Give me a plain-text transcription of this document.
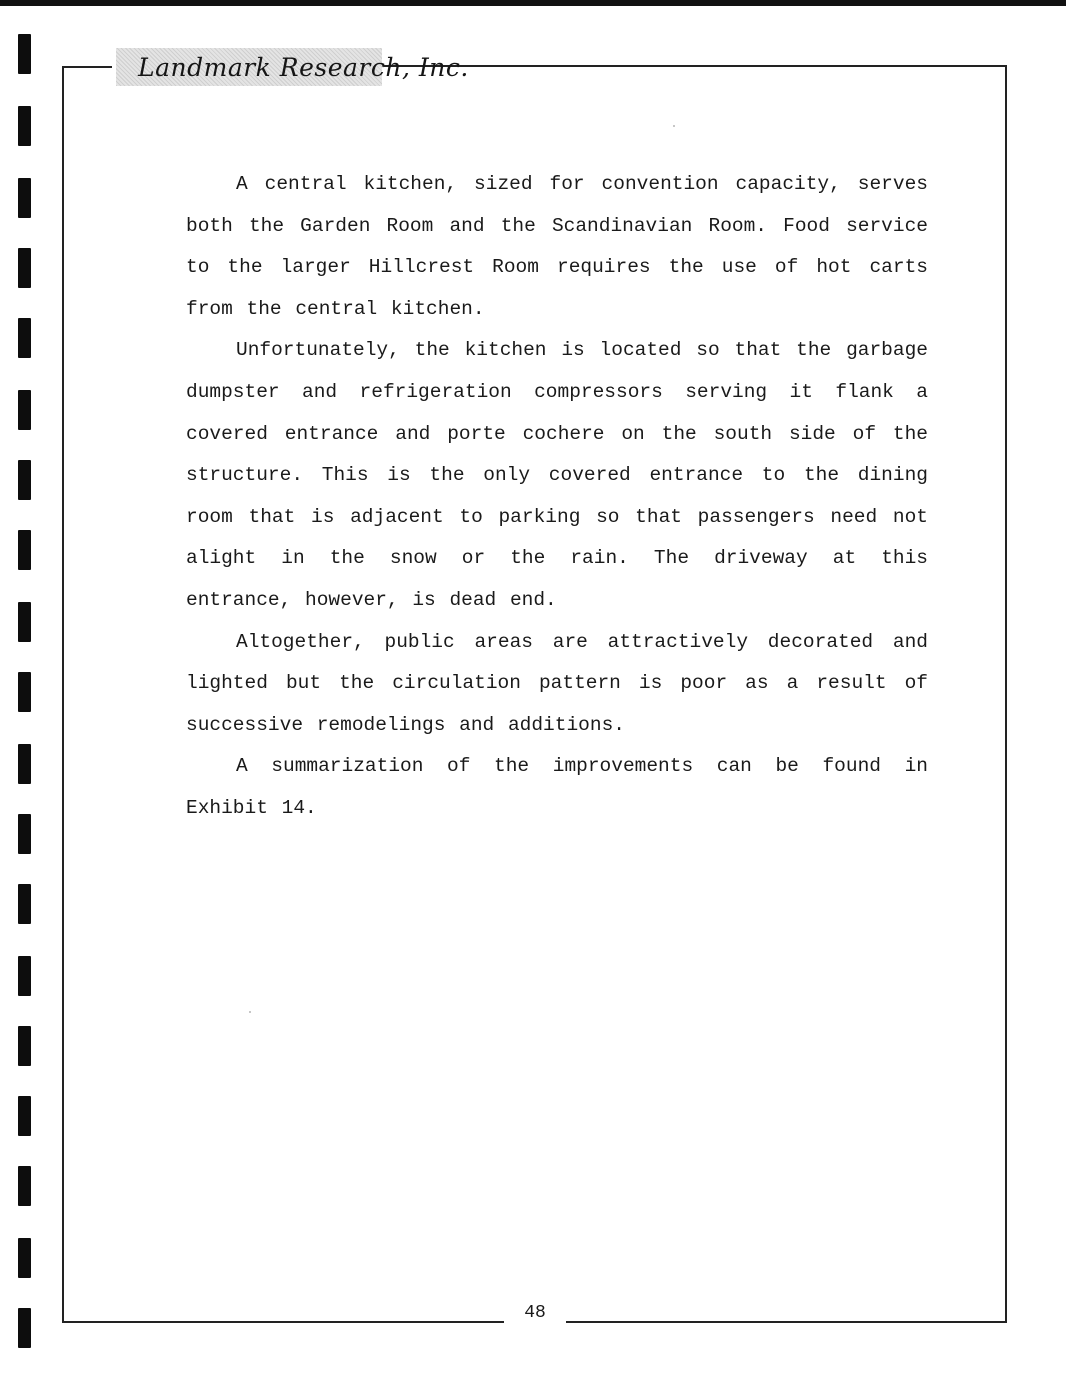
Landmark Research, Inc.

A central kitchen, sized for convention capacity, serves both the Garden Room and the Scandinavian Room. Food service to the larger Hillcrest Room requires the use of hot carts from the central kitchen.

Unfortunately, the kitchen is located so that the garbage dumpster and refrigeration compressors serving it flank a covered entrance and porte cochere on the south side of the structure. This is the only covered entrance to the dining room that is adjacent to parking so that passengers need not alight in the snow or the rain. The driveway at this entrance, however, is dead end.

Altogether, public areas are attractively decorated and lighted but the circulation pattern is poor as a result of successive remodelings and additions.

A summarization of the improvements can be found in Exhibit 14.

48
